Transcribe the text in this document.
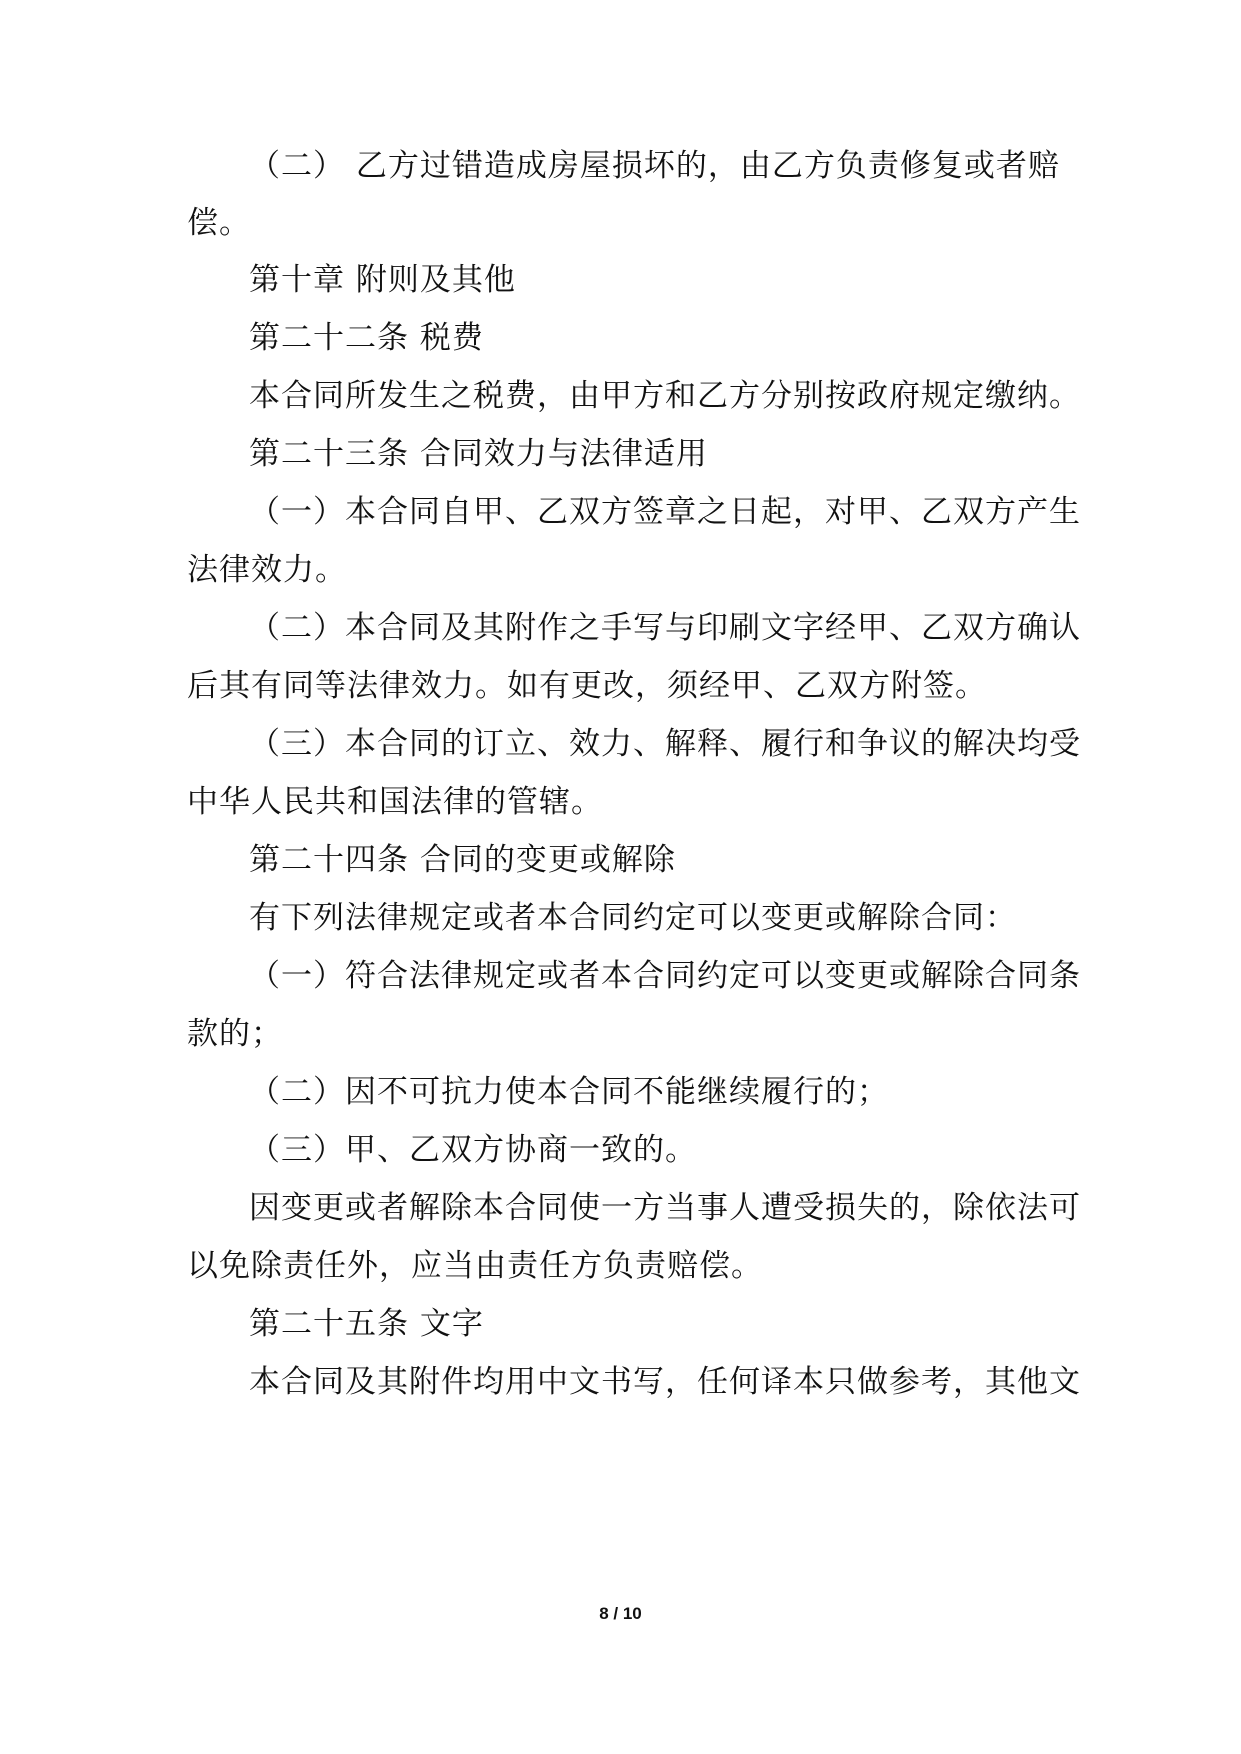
（二） 乙方过错造成房屋损坏的，由乙方负责修复或者赔
偿。
第十章 附则及其他
第二十二条 税费
本合同所发生之税费，由甲方和乙方分别按政府规定缴纳。
第二十三条 合同效力与法律适用
（一）本合同自甲、乙双方签章之日起，对甲、乙双方产生
法律效力。
（二）本合同及其附作之手写与印刷文字经甲、乙双方确认
后其有同等法律效力。如有更改，须经甲、乙双方附签。
（三）本合同的订立、效力、解释、履行和争议的解决均受
中华人民共和国法律的管辖。
第二十四条 合同的变更或解除
有下列法律规定或者本合同约定可以变更或解除合同：
（一）符合法律规定或者本合同约定可以变更或解除合同条
款的；
（二）因不可抗力使本合同不能继续履行的；
（三）甲、乙双方协商一致的。
因变更或者解除本合同使一方当事人遭受损失的，除依法可
以免除责任外，应当由责任方负责赔偿。
第二十五条 文字
本合同及其附件均用中文书写，任何译本只做参考，其他文
8 / 10
